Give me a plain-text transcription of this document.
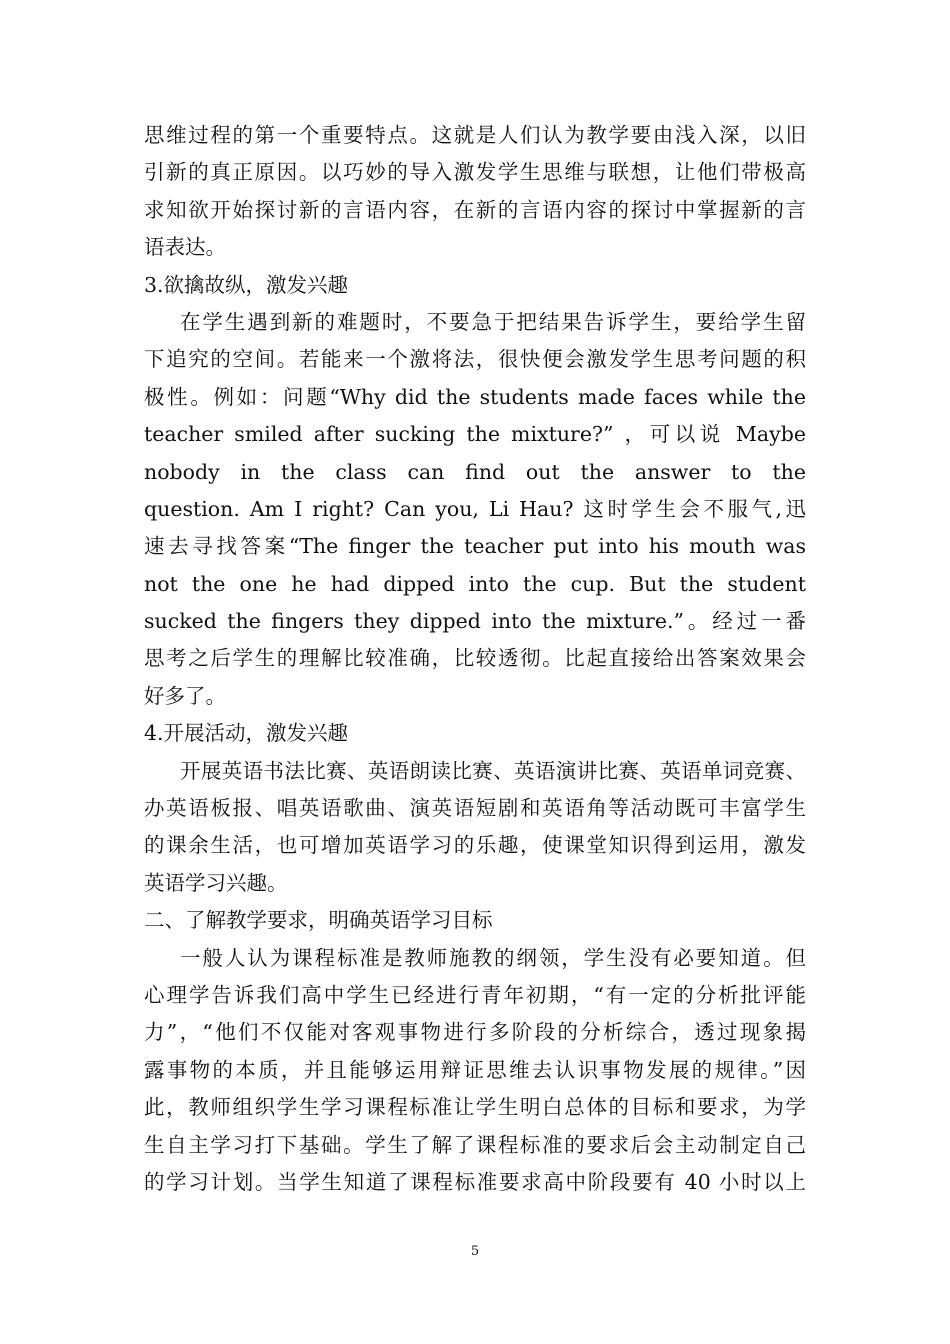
思维过程的第一个重要特点。这就是人们认为教学要由浅入深，以旧
引新的真正原因。以巧妙的导入激发学生思维与联想，让他们带极高
求知欲开始探讨新的言语内容，在新的言语内容的探讨中掌握新的言
语表达。
3.欲擒故纵，激发兴趣
在学生遇到新的难题时，不要急于把结果告诉学生，要给学生留
下追究的空间。若能来一个激将法，很快便会激发学生思考问题的积
极性。例如：问题“Why did the students made faces while the
teacher smiled after sucking the mixture?” ，可以说 Maybe
nobody in the class can find out the answer to the
question. Am I right? Can you, Li Hau? 这时学生会不服气,迅
速去寻找答案“The finger the teacher put into his mouth was
not the one he had dipped into the cup. But the student
sucked the fingers they dipped into the mixture.”。经过一番
思考之后学生的理解比较准确，比较透彻。比起直接给出答案效果会
好多了。
4.开展活动，激发兴趣
开展英语书法比赛、英语朗读比赛、英语演讲比赛、英语单词竞赛、
办英语板报、唱英语歌曲、演英语短剧和英语角等活动既可丰富学生
的课余生活，也可增加英语学习的乐趣，使课堂知识得到运用，激发
英语学习兴趣。
二、了解教学要求，明确英语学习目标
一般人认为课程标准是教师施教的纲领，学生没有必要知道。但
心理学告诉我们高中学生已经进行青年初期，“有一定的分析批评能
力”，“他们不仅能对客观事物进行多阶段的分析综合，透过现象揭
露事物的本质，并且能够运用辩证思维去认识事物发展的规律。”因
此，教师组织学生学习课程标准让学生明白总体的目标和要求，为学
生自主学习打下基础。学生了解了课程标准的要求后会主动制定自己
的学习计划。当学生知道了课程标准要求高中阶段要有 40 小时以上
5
